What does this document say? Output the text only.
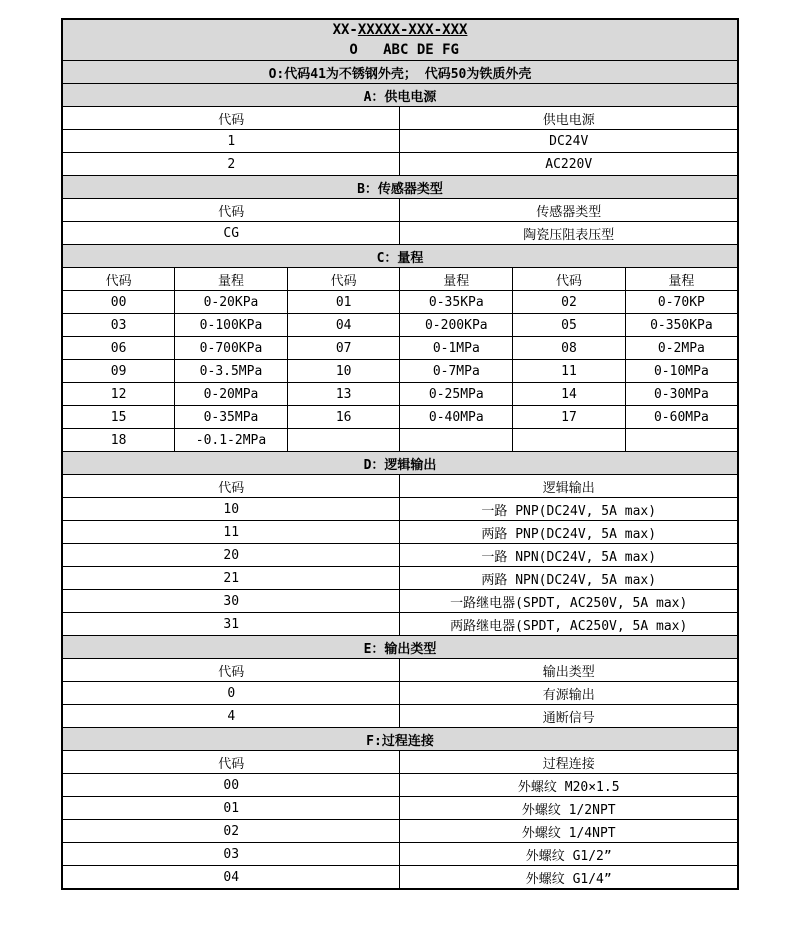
XX-XXXXX-XXX-XXX
O   ABC DE FG					

O:代码41为不锈钢外壳； 代码50为铁质外壳					
A：供电电源					
代码			供电电源		
1			DC24V		
2			AC220V		
B：传感器类型					
代码			传感器类型		
CG			陶瓷压阻表压型		
C：量程					
代码	量程	代码	量程	代码	量程
00	0-20KPa	01	0-35KPa	02	0-70KP
03	0-100KPa	04	0-200KPa	05	0-350KPa
06	0-700KPa	07	0-1MPa	08	0-2MPa
09	0-3.5MPa	10	0-7MPa	11	0-10MPa
12	0-20MPa	13	0-25MPa	14	0-30MPa
15	0-35MPa	16	0-40MPa	17	0-60MPa
18	-0.1-2MPa				
D：逻辑输出					
代码			逻辑输出		
10			一路 PNP(DC24V, 5A max)		
11			两路 PNP(DC24V, 5A max)		
20			一路 NPN(DC24V, 5A max)		
21			两路 NPN(DC24V, 5A max)		
30			一路继电器(SPDT, AC250V, 5A max)		
31			两路继电器(SPDT, AC250V, 5A max)		
E：输出类型					
代码			输出类型		
0			有源输出		
4			通断信号		
F:过程连接					
代码			过程连接		
00			外螺纹 M20×1.5		
01			外螺纹 1/2NPT		
02			外螺纹 1/4NPT		
03			外螺纹 G1/2”		
04			外螺纹 G1/4”		
